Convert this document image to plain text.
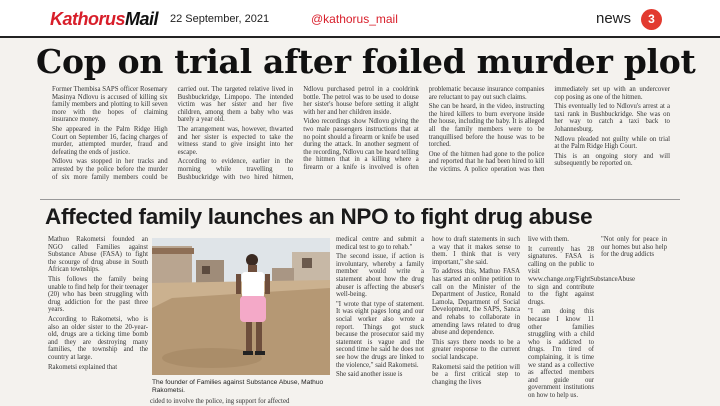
KathorusMail 22 September, 2021	@kathorus_mail	news	3
Cop on trial after foiled murder plot

Former Thembisa SAPS officer Rosemary Masinya Ndlovu is accused of killing six family members and plotting to kill seven more with the hopes of claiming insurance money.

She appeared in the Palm Ridge High Court on September 16, facing charges of murder, attempted murder, fraud and defeating the ends of justice.

Ndlovu was stopped in her tracks and arrested by the police before the murder of six more family members could be carried out. The targeted relative lived in Bushbuckridge, Limpopo. The intended victim was her sister and her five children, among them a baby who was barely a year old.

The arrangement was, however, thwarted and her sister is expected to take the witness stand to give insight into her escape.

According to evidence, earlier in the morning while travelling to Bushbuckridge with two hired hitmen, Ndlovu purchased petrol in a cooldrink bottle. The petrol was to be used to douse her sister's house before setting it alight with her and her children inside.

Video recordings show Ndlovu giving the two male passengers instructions that at no point should a firearm or knife be used during the attack. In another segment of the recording, Ndlovu can be heard telling the hitmen that in a killing where a firearm or a knife is involved is often problematic because insurance companies are reluctant to pay out such claims.

She can be heard, in the video, instructing the hired killers to burn everyone inside the house, including the baby. It is alleged all the family members were to be tranquillised before the house was to be torched.

One of the hitmen had gone to the police and reported that he had been hired to kill the victims. A police operation was then immediately set up with an undercover cop posing as one of the hitmen.

This eventually led to Ndlovu's arrest at a taxi rank in Bushbuckridge. She was on her way to catch a taxi back to Johannesburg.

Ndlovu pleaded not guilty while on trial at the Palm Ridge High Court.

This is an ongoing story and will subsequently be reported on.

Affected family launches an NPO to fight drug abuse

Mathuo Rakometsi founded an NGO called Families against Substance Abuse (FASA) to fight the scourge of drug abuse in South African townships.

This follows the family being unable to find help for their teenager (20) who has been struggling with drug addiction for the past three years.

According to Rakometsi, who is also an older sister to the 20-year-old, drugs are a ticking time bomb and they are destroying many families, the township and the country at large.

Rakometsi explained that

The founder of Families against Substance Abuse, Mathuo Rakometsi.
cided to involve the police, ing support for affected

medical centre and submit a medical test to go to rehab."

The second issue, if action is involuntary, whereby a family member would write a statement about how the drug abuser is affecting the abuser's well-being.

"I wrote that type of statement. It was eight pages long and our social worker also wrote a report. Things got stuck because the prosecutor said my statement is vague and the second time he said he does not see how the drugs are linked to the violence," said Rakometsi.

She said another issue is

how to draft statements in such a way that it makes sense to them. I think that is very important," she said.

To address this, Mathuo FASA has started an online petition to call on the Minister of the Department of Justice, Ronald Lamola, Department of Social Development, the SAPS, Sanca and rehabs to collaborate in amending laws related to drug abuse and dependence.

This says there needs to be a greater response to the current social landscape.

Rakometsi said the petition will be a first critical step to changing the lives

live with them.

It currently has 28 signatures. FASA is calling on the public to visit www.change.org/FightSubstanceAbuse to sign and contribute to the fight against drugs.

"I am doing this because I know 11 other families struggling with a child who is addicted to drugs. I'm tired of complaining, it is time we stand as a collective as affected members and guide our government institutions on how to help us.

"Not only for peace in our homes but also help for the drug addicts
